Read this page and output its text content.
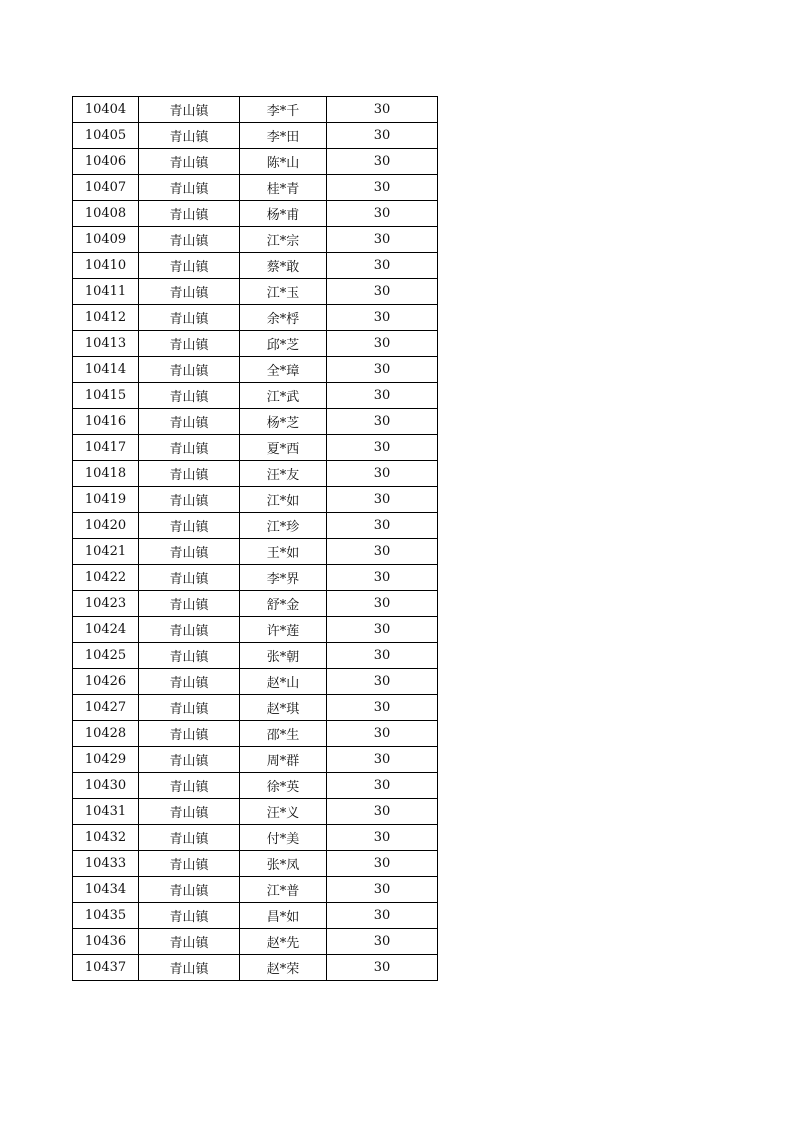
10404	青山镇	李*千	30
10405	青山镇	李*田	30
10406	青山镇	陈*山	30
10407	青山镇	桂*青	30
10408	青山镇	杨*甫	30
10409	青山镇	江*宗	30
10410	青山镇	蔡*敢	30
10411	青山镇	江*玉	30
10412	青山镇	余*桴	30
10413	青山镇	邱*芝	30
10414	青山镇	全*璋	30
10415	青山镇	江*武	30
10416	青山镇	杨*芝	30
10417	青山镇	夏*西	30
10418	青山镇	汪*友	30
10419	青山镇	江*如	30
10420	青山镇	江*珍	30
10421	青山镇	王*如	30
10422	青山镇	李*界	30
10423	青山镇	舒*金	30
10424	青山镇	许*莲	30
10425	青山镇	张*朝	30
10426	青山镇	赵*山	30
10427	青山镇	赵*琪	30
10428	青山镇	邵*生	30
10429	青山镇	周*群	30
10430	青山镇	徐*英	30
10431	青山镇	汪*义	30
10432	青山镇	付*美	30
10433	青山镇	张*凤	30
10434	青山镇	江*普	30
10435	青山镇	昌*如	30
10436	青山镇	赵*先	30
10437	青山镇	赵*荣	30
